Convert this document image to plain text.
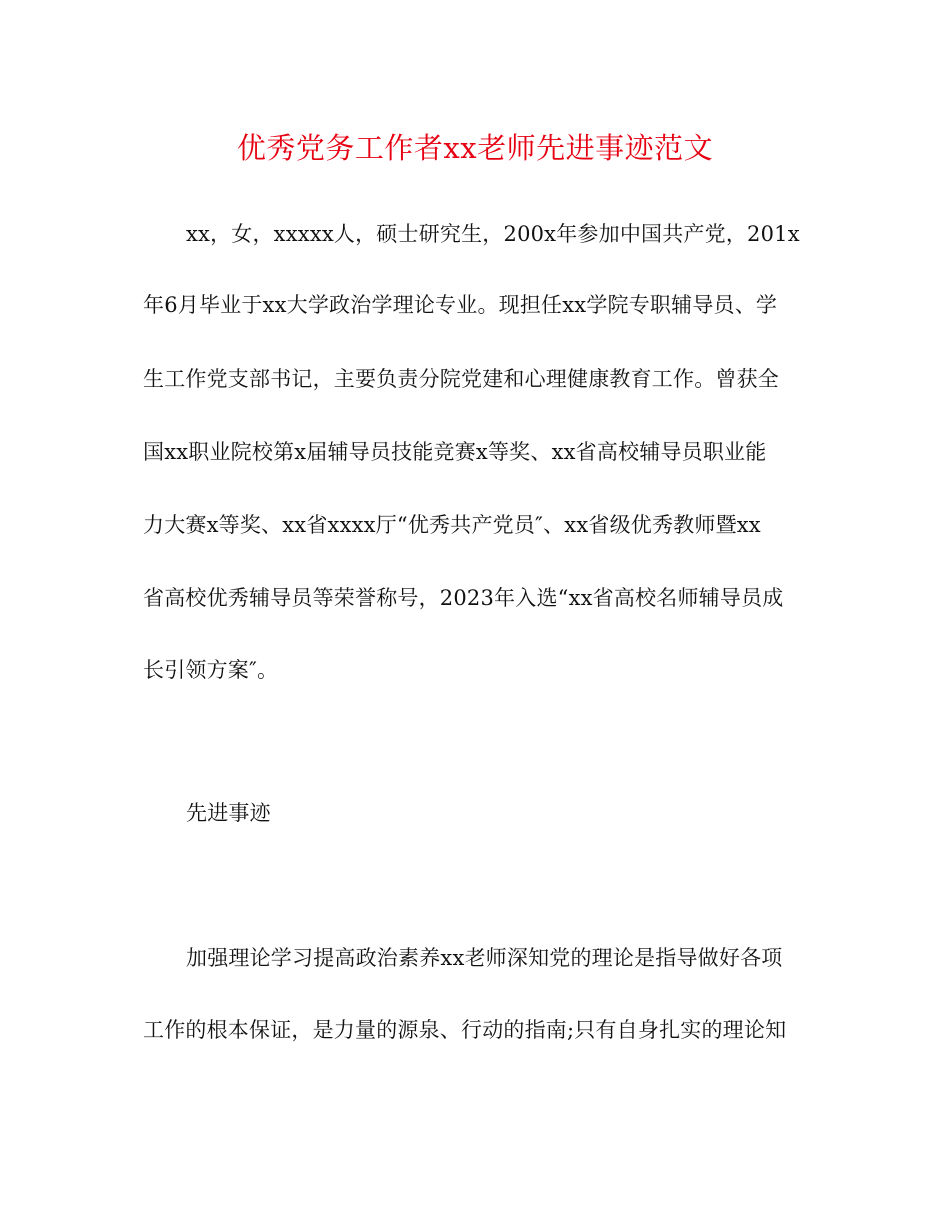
优秀党务工作者xx老师先进事迹范文
xx，女，xxxxx人，硕士研究生，200x年参加中国共产党，201x
年6月毕业于xx大学政治学理论专业。现担任xx学院专职辅导员、学
生工作党支部书记，主要负责分院党建和心理健康教育工作。曾获全
国xx职业院校第x届辅导员技能竞赛x等奖、xx省高校辅导员职业能
力大赛x等奖、xx省xxxx厅“优秀共产党员″、xx省级优秀教师暨xx
省高校优秀辅导员等荣誉称号，2023年入选“xx省高校名师辅导员成
长引领方案″。
先进事迹
加强理论学习提高政治素养xx老师深知党的理论是指导做好各项
工作的根本保证，是力量的源泉、行动的指南;只有自身扎实的理论知
